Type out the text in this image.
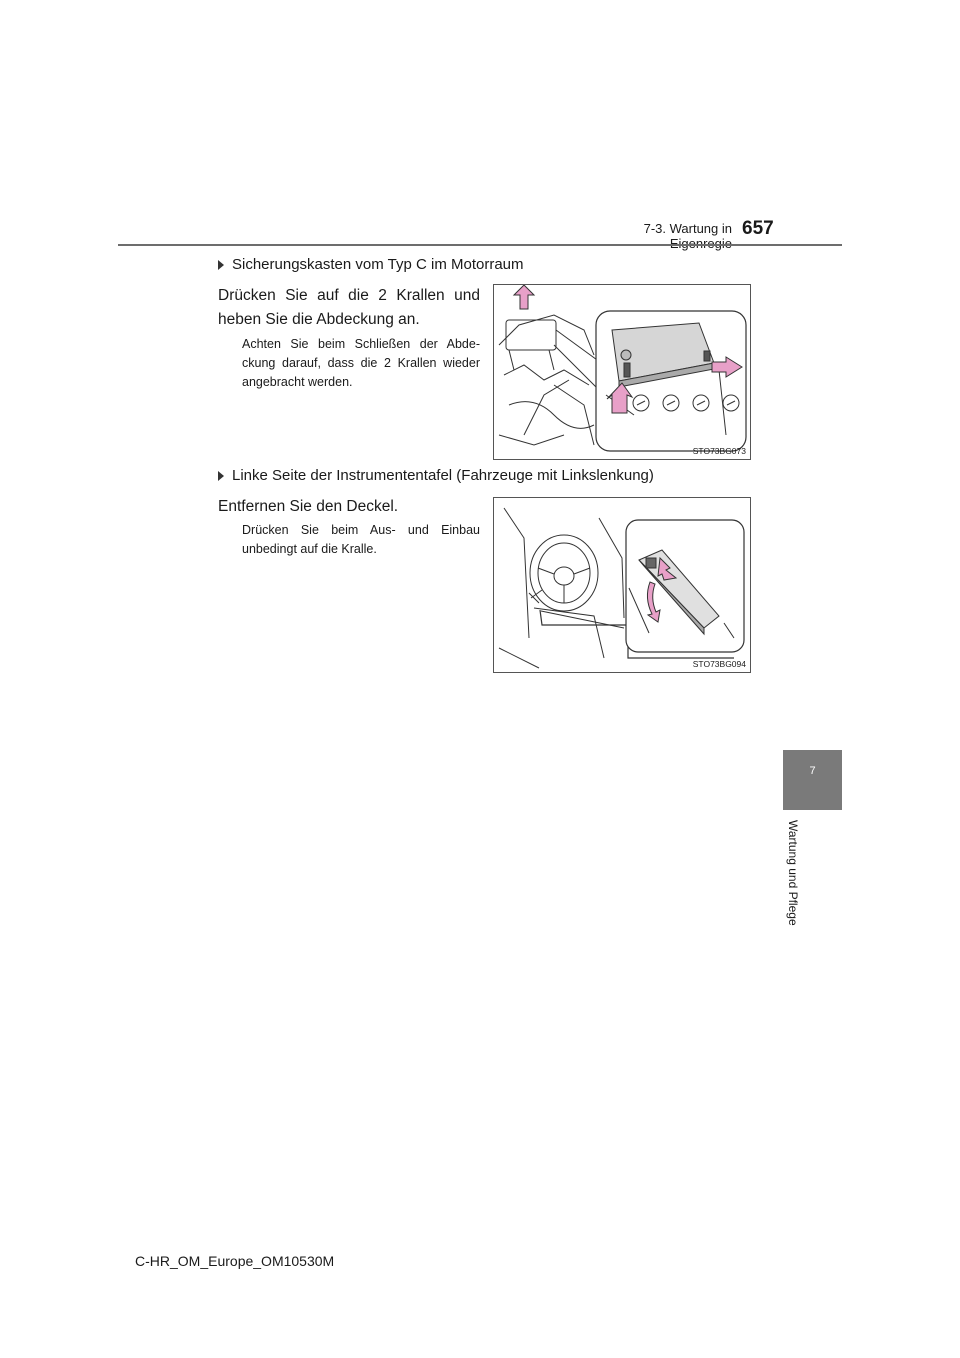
7-3. Wartung in 657
7
Wartung und Pflege
Sicherungskasten vom Typ C im Motorraum
Drücken Sie auf die 2 Krallen und heben Sie die Abdeckung an.
Achten Sie beim Schließen der Abde-ckung darauf, dass die 2 Krallen wieder angebracht werden.
STO73BG073
Linke Seite der Instrumententafel (Fahrzeuge mit Linkslenkung)
Entfernen Sie den Deckel.
Drücken Sie beim Aus- und Einbau unbedingt auf die Kralle.
STO73BG094
C-HR_OM_Europe_OM10530M
